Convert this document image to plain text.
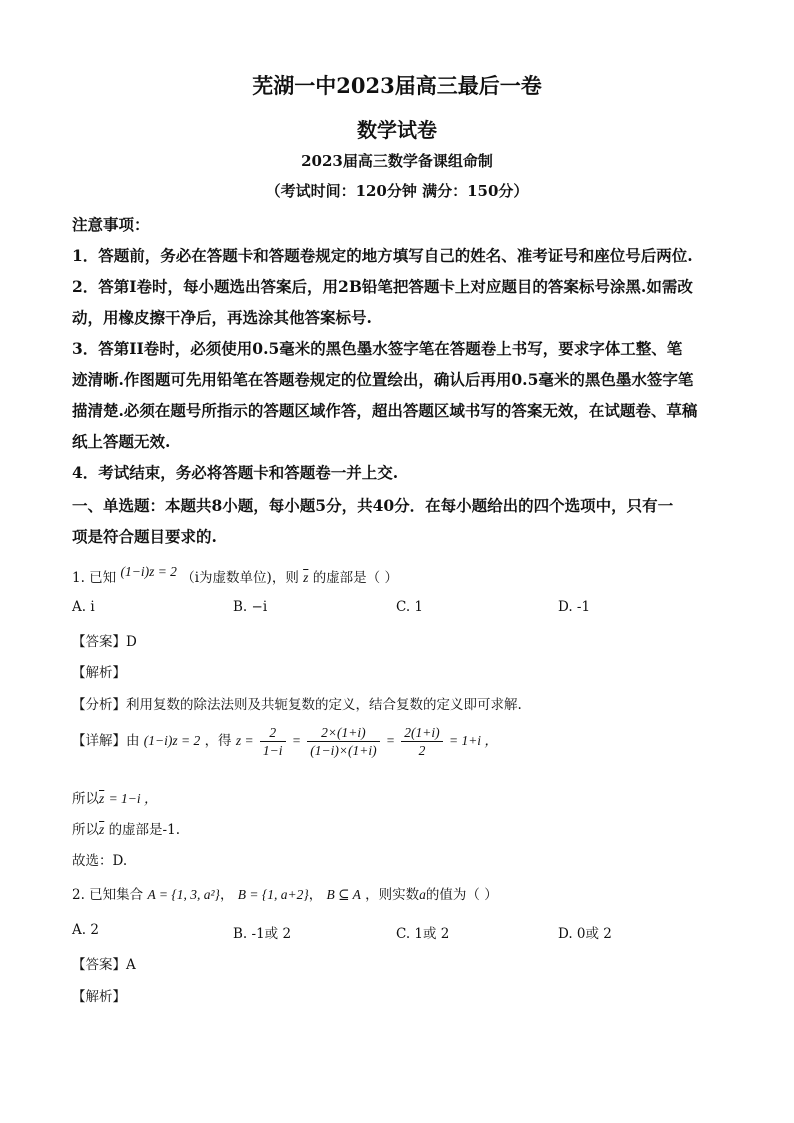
芜湖一中2023届高三最后一卷
数学试卷
2023届高三数学备课组命制
（考试时间：120分钟 满分：150分）
注意事项：
1．答题前，务必在答题卡和答题卷规定的地方填写自己的姓名、准考证号和座位号后两位.
2．答第I卷时，每小题选出答案后，用2B铅笔把答题卡上对应题目的答案标号涂黑.如需改
动，用橡皮擦干净后，再选涂其他答案标号.
3．答第II卷时，必须使用0.5毫米的黑色墨水签字笔在答题卷上书写，要求字体工整、笔
迹清晰.作图题可先用铅笔在答题卷规定的位置绘出，确认后再用0.5毫米的黑色墨水签字笔
描清楚.必须在题号所指示的答题区域作答，超出答题区域书写的答案无效，在试题卷、草稿
纸上答题无效.
4．考试结束，务必将答题卡和答题卷一并上交.
一、单选题：本题共8小题，每小题5分，共40分．在每小题给出的四个选项中，只有一
项是符合题目要求的.
1. 已知 (1−i)z = 2 （i为虚数单位)，则 $\overline{z}$ 的虚部是（ ）
A. i	B. −i	C. 1	D. -1
【答案】D
【解析】
【分析】利用复数的除法法则及共轭复数的定义，结合复数的定义即可求解.
【详解】由 (1−i)z = 2 ，得 $z = \frac{2}{1-i} = \frac{2\times(1+i)}{(1-i)\times(1+i)} = \frac{2(1+i)}{2} = 1+i$ ，
所以$\overline{z} = 1-i$ ，
所以$\overline{z}$ 的虚部是-1.
故选：D.
2. 已知集合 A = {1, 3, a²}， B = {1, a+2}， B ⊆ A ，则实数a的值为（ ）
A. 2	B. -1或 2	C. 1或 2	D. 0或 2
【答案】A
【解析】
